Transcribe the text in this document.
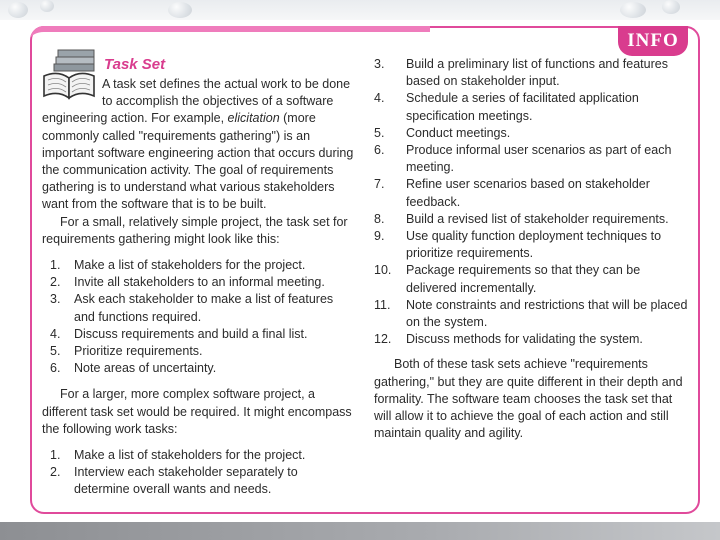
INFO
Task Set

A task set defines the actual work to be done

to accomplish the objectives of a software

engineering action. For example, elicitation (more commonly called "requirements gathering") is an important software engineering action that occurs during the communication activity. The goal of requirements gathering is to understand what various stakeholders want from the software that is to be built.

For a small, relatively simple project, the task set for requirements gathering might look like this:

1.	Make a list of stakeholders for the project.
2.	Invite all stakeholders to an informal meeting.
3.	Ask each stakeholder to make a list of features and functions required.
4.	Discuss requirements and build a final list.
5.	Prioritize requirements.
6.	Note areas of uncertainty.

For a larger, more complex software project, a different task set would be required. It might encompass the following work tasks:

1.	Make a list of stakeholders for the project.
2.	Interview each stakeholder separately to determine overall wants and needs.
3.	Build a preliminary list of functions and features based on stakeholder input.
4.	Schedule a series of facilitated application specification meetings.
5.	Conduct meetings.
6.	Produce informal user scenarios as part of each meeting.
7.	Refine user scenarios based on stakeholder feedback.
8.	Build a revised list of stakeholder requirements.
9.	Use quality function deployment techniques to prioritize requirements.
10.	Package requirements so that they can be delivered incrementally.
11.	Note constraints and restrictions that will be placed on the system.
12.	Discuss methods for validating the system.

Both of these task sets achieve "requirements gathering," but they are quite different in their depth and formality. The software team chooses the task set that will allow it to achieve the goal of each action and still maintain quality and agility.
